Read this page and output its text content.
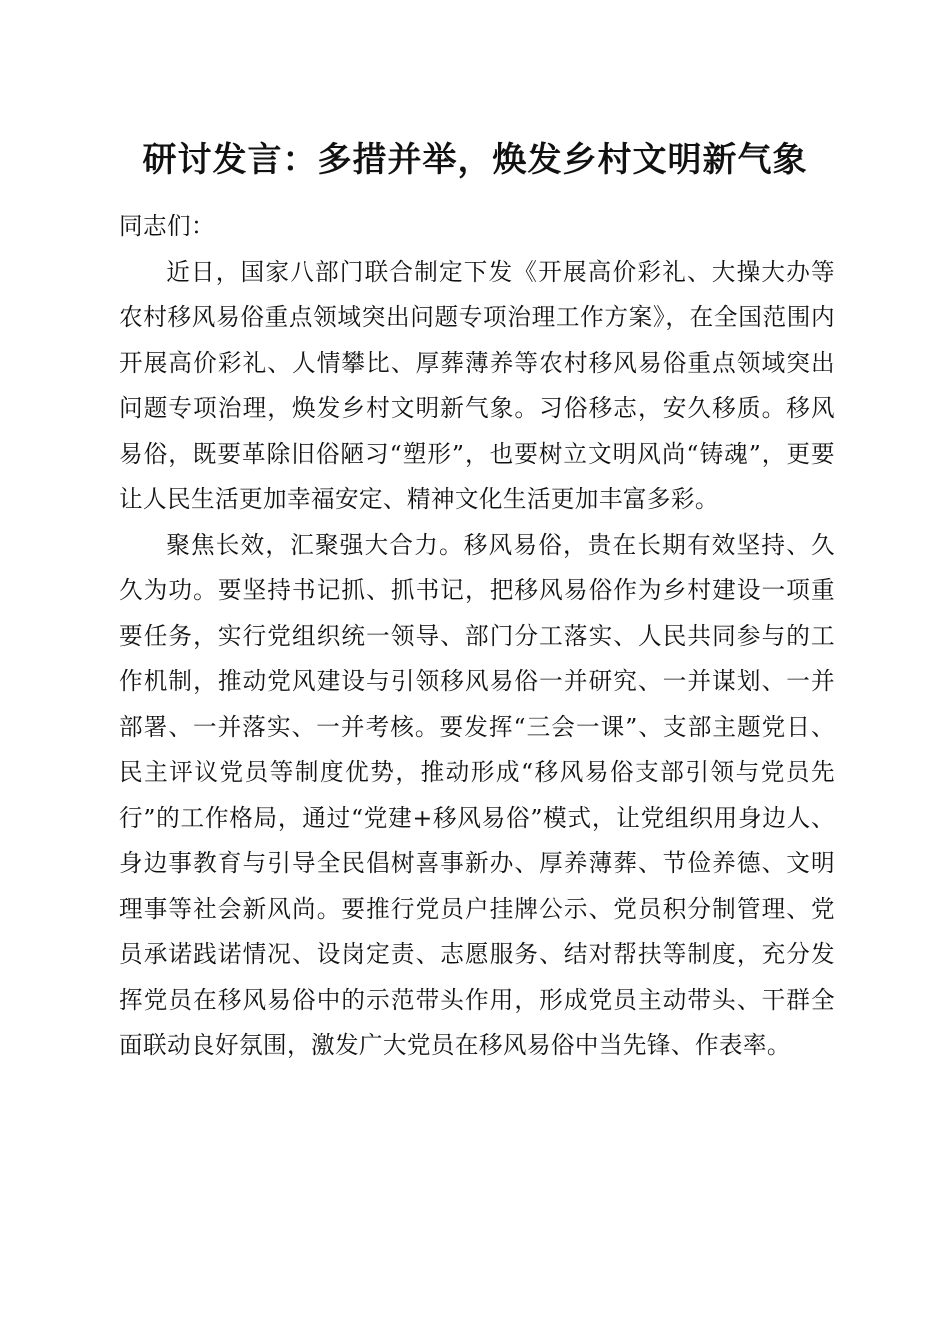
研讨发言：多措并举，焕发乡村文明新气象

同志们：

近日，国家八部门联合制定下发《开展高价彩礼、大操大办等农村移风易俗重点领域突出问题专项治理工作方案》，在全国范围内开展高价彩礼、人情攀比、厚葬薄养等农村移风易俗重点领域突出问题专项治理，焕发乡村文明新气象。习俗移志，安久移质。移风易俗，既要革除旧俗陋习“塑形”，也要树立文明风尚“铸魂”，更要让人民生活更加幸福安定、精神文化生活更加丰富多彩。

聚焦长效，汇聚强大合力。移风易俗，贵在长期有效坚持、久久为功。要坚持书记抓、抓书记，把移风易俗作为乡村建设一项重要任务，实行党组织统一领导、部门分工落实、人民共同参与的工作机制，推动党风建设与引领移风易俗一并研究、一并谋划、一并部署、一并落实、一并考核。要发挥“三会一课”、支部主题党日、民主评议党员等制度优势，推动形成“移风易俗支部引领与党员先行”的工作格局，通过“党建+移风易俗”模式，让党组织用身边人、身边事教育与引导全民倡树喜事新办、厚养薄葬、节俭养德、文明理事等社会新风尚。要推行党员户挂牌公示、党员积分制管理、党员承诺践诺情况、设岗定责、志愿服务、结对帮扶等制度，充分发挥党员在移风易俗中的示范带头作用，形成党员主动带头、干群全面联动良好氛围，激发广大党员在移风易俗中当先锋、作表率。
